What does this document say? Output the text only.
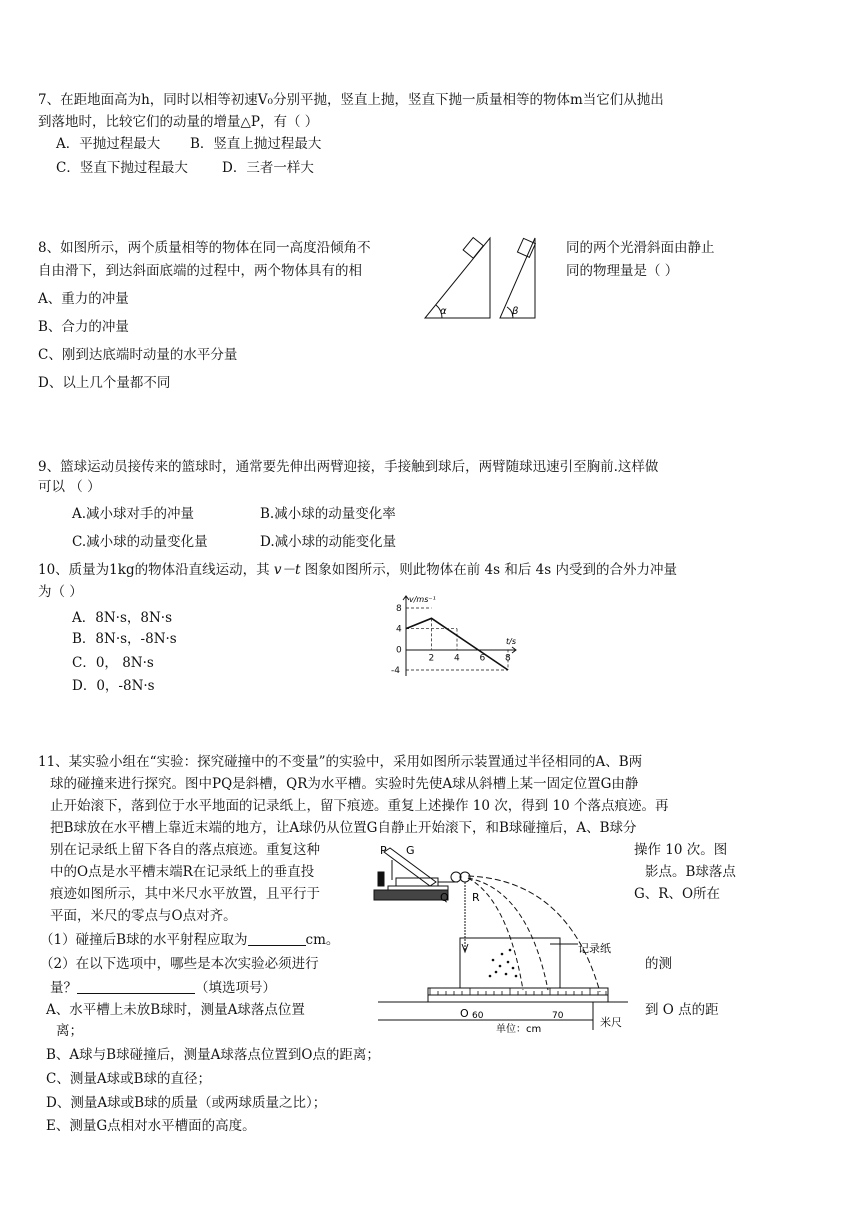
7、在距地面高为h，同时以相等初速V₀分别平抛，竖直上抛，竖直下抛一质量相等的物体m当它们从抛出
到落地时，比较它们的动量的增量△P，有（ ）
A．平抛过程最大 B．竖直上抛过程最大
C．竖直下抛过程最大	D．三者一样大
8、如图所示，两个质量相等的物体在同一高度沿倾角不	同的两个光滑斜面由静止
自由滑下，到达斜面底端的过程中，两个物体具有的相	同的物理量是（ ）
A、重力的冲量
B、合力的冲量
C、刚到达底端时动量的水平分量
D、以上几个量都不同
α	β
9、篮球运动员接传来的篮球时，通常要先伸出两臂迎接，手接触到球后，两臂随球迅速引至胸前.这样做
可以 （ ）
A.减小球对手的冲量	B.减小球的动量变化率
C.减小球的动量变化量	D.减小球的动能变化量
10、质量为1kg的物体沿直线运动，其 v－t 图象如图所示，则此物体在前 4s 和后 4s 内受到的合外力冲量
为（ ）
A．8N·s，8N·s
B．8N·s，-8N·s
C．0， 8N·s
D．0，-8N·s
2 4 6 8
8
4
0
-4
v/ms⁻¹
t/s
11、某实验小组在“实验：探究碰撞中的不变量”的实验中，采用如图所示装置通过半径相同的A、B两
球的碰撞来进行探究。图中PQ是斜槽，QR为水平槽。实验时先使A球从斜槽上某一固定位置G由静
止开始滚下，落到位于水平地面的记录纸上，留下痕迹。重复上述操作 10 次，得到 10 个落点痕迹。再
把B球放在水平槽上靠近末端的地方，让A球仍从位置G自静止开始滚下，和B球碰撞后，A、B球分
别在记录纸上留下各自的落点痕迹。重复这种	操作 10 次。图
中的O点是水平槽末端R在记录纸上的垂直投	影点。B球落点
痕迹如图所示，其中米尺水平放置，且平行于	G、R、O所在
平面，米尺的零点与O点对齐。
（1）碰撞后B球的水平射程应取为	cm。
（2）在以下选项中，哪些是本次实验必须进行	的测
量？	（填选项号）
A、水平槽上未放B球时，测量A球落点位置	到 O 点的距
离；
B、A球与B球碰撞后，测量A球落点位置到O点的距离；
C、测量A球或B球的直径；
D、测量A球或B球的质量（或两球质量之比）；
E、测量G点相对水平槽面的高度。
P G
Q R
O 60	70
单位：cm
记录纸
米尺
